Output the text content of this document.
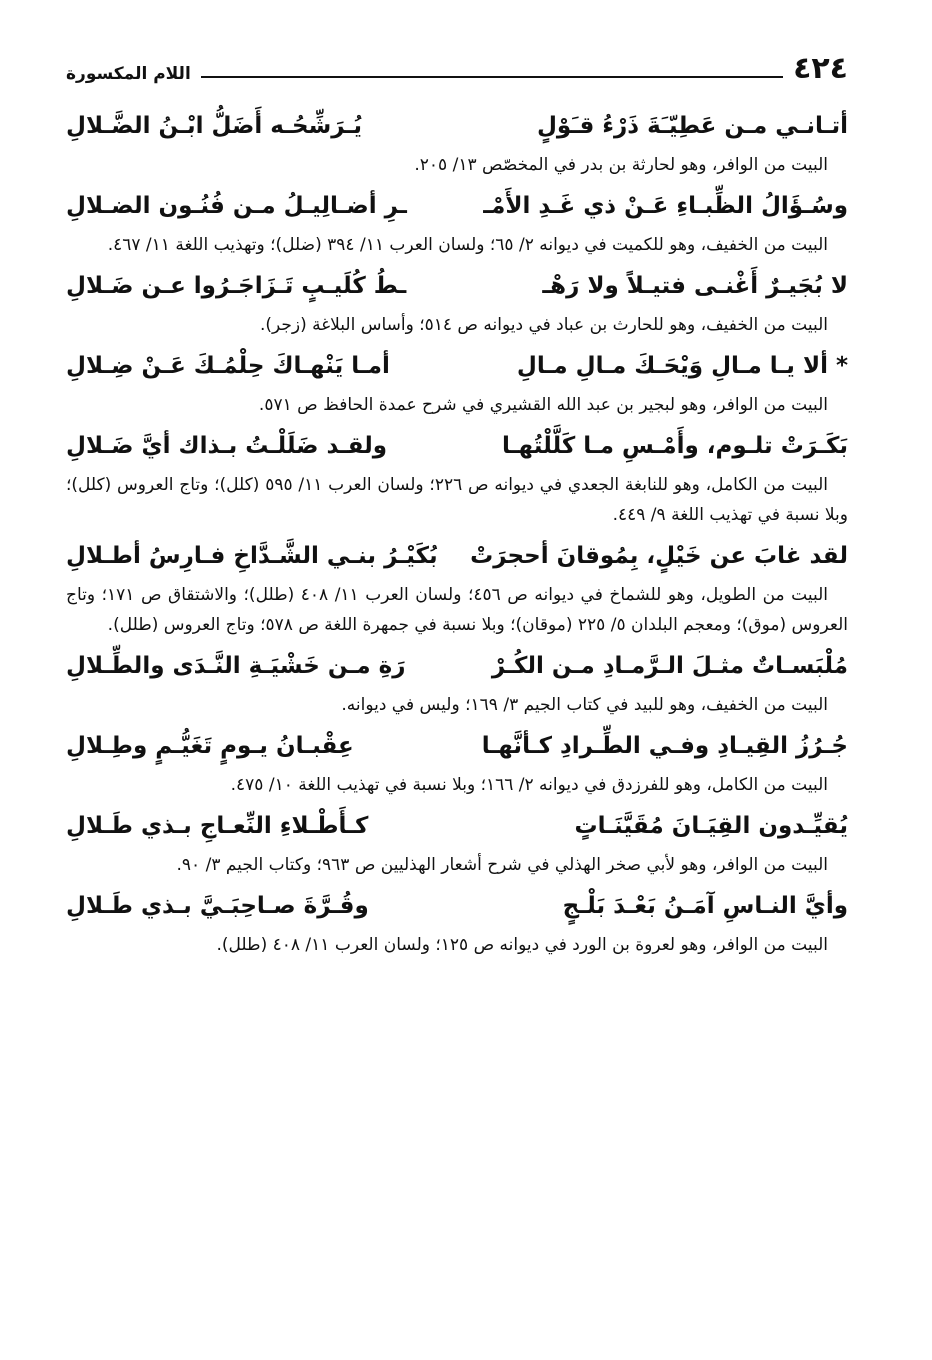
٤٢٤
اللام المكسورة
أتـانـي مـن عَطِيّـَةَ ذَرْءُ قـَوْلٍ
يُـرَشِّحُـه أَضَلُّ ابْـنُ الضَّـلالِ

البيت من الوافر، وهو لحارثة بن بدر في المخصّص ١٣/ ٢٠٥.

وسُـؤَالُ الظِّبـاءِ عَـنْ ذي غَـدِ الأَمْـ
ـرِ أضـالِيـلُ مـن فُنُـون الضـلالِ

البيت من الخفيف، وهو للكميت في ديوانه ٢/ ٦٥؛ ولسان العرب ١١/ ٣٩٤ (ضلل)؛ وتهذيب اللغة ١١/ ٤٦٧.

لا بُجَيـرٌ أَغْنـى فتيـلاً ولا رَهْـ
ـطُ كُلَيـبٍ تَـزَاجَـرُوا عـن ضَـلالِ

البيت من الخفيف، وهو للحارث بن عباد في ديوانه ص ٥١٤؛ وأساس البلاغة (زجر).

* ألا يـا مـالِ وَيْحَـكَ مـالِ مـالِ
أمـا يَنْهـاكَ حِلْمُـكَ عَـنْ ضِـلالِ

البيت من الوافر، وهو لبجير بن عبد الله القشيري في شرح عمدة الحافظ ص ٥٧١.

بَكَـرَتْ تلـوم، وأَمْـسِ مـا كَلَّلْتُهـا
ولقـد ضَلَلْـتُ بـذاك أيَّ ضَـلالِ

البيت من الكامل، وهو للنابغة الجعدي في ديوانه ص ٢٢٦؛ ولسان العرب ١١/ ٥٩٥ (كلل)؛ وتاج العروس (كلل)؛ وبلا نسبة في تهذيب اللغة ٩/ ٤٤٩.

لقد غابَ عن خَيْلٍ، بِمُوقانَ أحجرَتْ
بُكَيْـرُ بنـي الشَّـدَّاخِ فـارِسُ أطـلالِ

البيت من الطويل، وهو للشماخ في ديوانه ص ٤٥٦؛ ولسان العرب ١١/ ٤٠٨ (طلل)؛ والاشتقاق ص ١٧١؛ وتاج العروس (موق)؛ ومعجم البلدان ٥/ ٢٢٥ (موقان)؛ وبلا نسبة في جمهرة اللغة ص ٥٧٨؛ وتاج العروس (طلل).

مُلْبَسـاتٌ مثـلَ الـرَّمـادِ مـن الكُـرْ
رَةِ مـن خَشْيَـةِ النَّـدَى والطِّـلالِ

البيت من الخفيف، وهو للبيد في كتاب الجيم ٣/ ١٦٩؛ وليس في ديوانه.

جُـرُزُ القِيـادِ وفـي الطِّـرادِ كـأنَّهـا
عِقْبـانُ يـومٍ تَغَيُّـمٍ وطِـلالِ

البيت من الكامل، وهو للفرزدق في ديوانه ٢/ ١٦٦؛ وبلا نسبة في تهذيب اللغة ١٠/ ٤٧٥.

يُقيِّـدون القِيَـانَ مُقَيَّنَـاتٍ
كـأَطْـلاءِ النِّعـاجِ بـذي طَـلالِ

البيت من الوافر، وهو لأبي صخر الهذلي في شرح أشعار الهذليين ص ٩٦٣؛ وكتاب الجيم ٣/ ٩٠.

وأيَّ النـاسِ آمَـنُ بَعْـدَ بَلْـجٍ
وقُـرَّةَ صـاحِبَـيَّ بـذي طَـلالِ

البيت من الوافر، وهو لعروة بن الورد في ديوانه ص ١٢٥؛ ولسان العرب ١١/ ٤٠٨ (طلل).
